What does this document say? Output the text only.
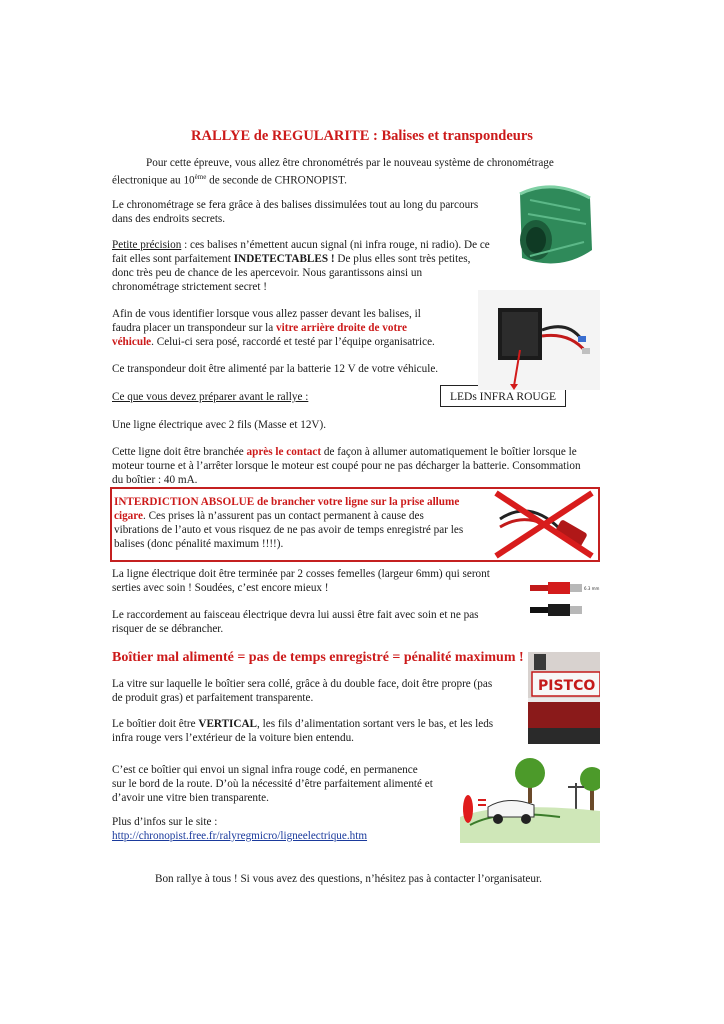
RALLYE de REGULARITE : Balises et transpondeurs
Pour cette épreuve, vous allez être chronométrés par le nouveau système de chronométrage
électronique au 10ème de seconde de CHRONOPIST.
Le chronométrage se fera grâce à des balises dissimulées tout au long du parcours
dans des endroits secrets.
Petite précision : ces balises n’émettent aucun signal (ni infra rouge, ni radio). De ce
fait elles sont parfaitement INDETECTABLES ! De plus elles sont très petites,
donc très peu de chance de les apercevoir. Nous garantissons ainsi un
chronométrage strictement secret !
Afin de vous identifier lorsque vous allez passer devant les balises, il
faudra placer un transpondeur sur la vitre arrière droite de votre
véhicule. Celui-ci sera posé, raccordé et testé par l’équipe organisatrice.
Ce transpondeur doit être alimenté par la batterie 12 V de votre véhicule.
Ce que vous devez préparer avant le rallye :	LEDs INFRA ROUGE
Une ligne électrique avec 2 fils (Masse et 12V).
Cette ligne doit être branchée après le contact de façon à allumer automatiquement le boîtier lorsque le
moteur tourne et à l’arrêter lorsque le moteur est coupé pour ne pas décharger la batterie. Consommation
du boîtier : 40 mA.
INTERDICTION ABSOLUE de brancher votre ligne sur la prise allume
cigare. Ces prises là n’assurent pas un contact permanent à cause des
vibrations de l’auto et vous risquez de ne pas avoir de temps enregistré par les
balises (donc pénalité maximum !!!!).
La ligne électrique doit être terminée par 2 cosses femelles (largeur 6mm) qui seront
serties avec soin ! Soudées, c’est encore mieux !
Le raccordement au faisceau électrique devra lui aussi être fait avec soin et ne pas
risquer de se débrancher.
Boîtier mal alimenté = pas de temps enregistré = pénalité maximum !
La vitre sur laquelle le boîtier sera collé, grâce à du double face, doit être propre (pas
de produit gras) et parfaitement transparente.
Le boîtier doit être VERTICAL, les fils d’alimentation sortant vers le bas, et les leds
infra rouge vers l’extérieur de la voiture bien entendu.
C’est ce boîtier qui envoi un signal infra rouge codé, en permanence
sur le bord de la route. D’où la nécessité d’être parfaitement alimenté et
d’avoir une vitre bien transparente.
Plus d’infos sur le site :
http://chronopist.free.fr/ralyregmicro/ligneelectrique.htm
Bon rallye à tous ! Si vous avez des questions, n’hésitez pas à contacter l’organisateur.
6.3 mm
PISTCO
